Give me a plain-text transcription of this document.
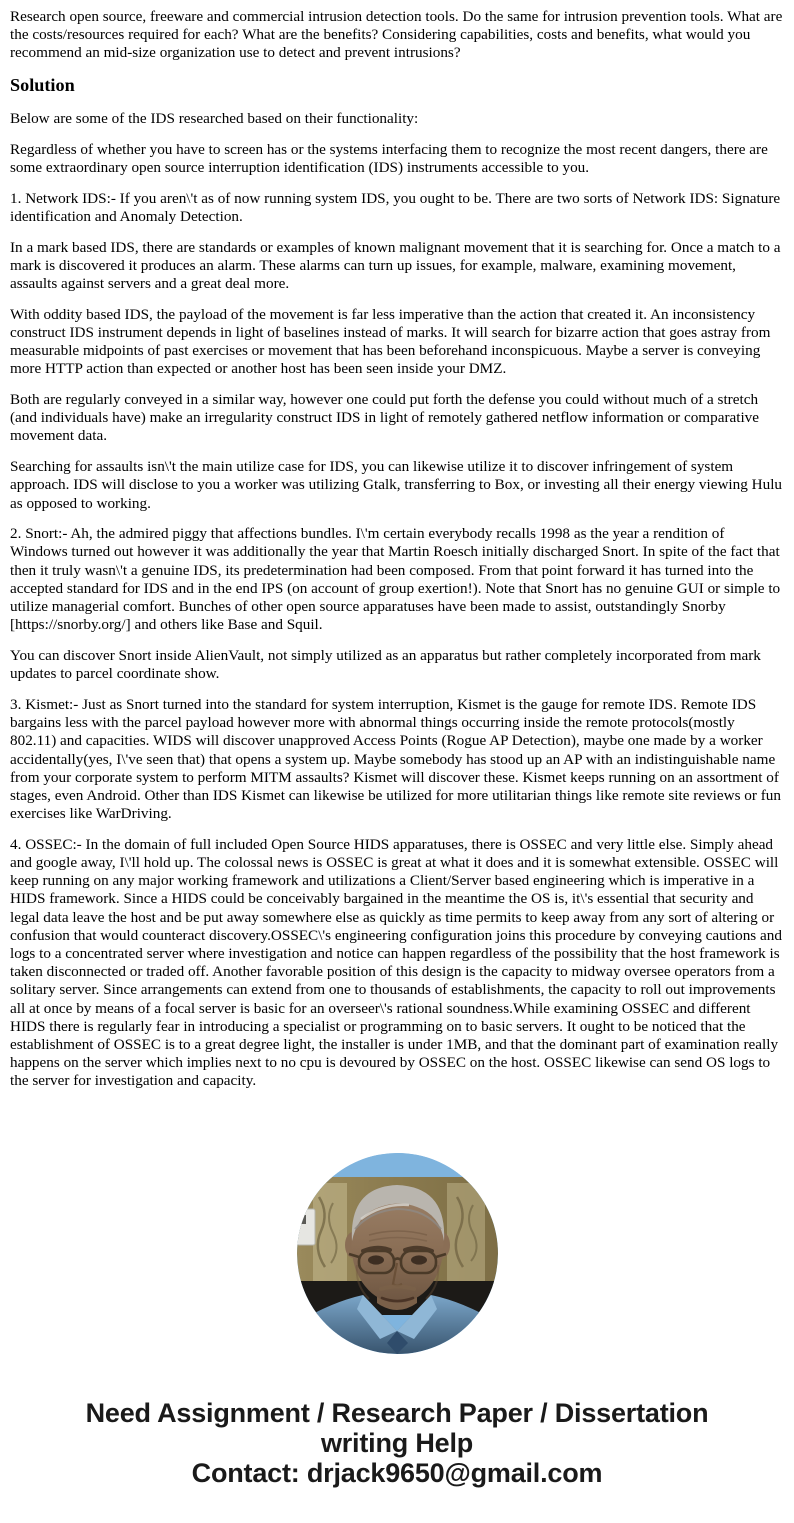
Research open source, freeware and commercial intrusion detection tools. Do the same for intrusion prevention tools. What are the costs/resources required for each? What are the benefits? Considering capabilities, costs and benefits, what would you recommend an mid-size organization use to detect and prevent intrusions?

Solution

Below are some of the IDS researched based on their functionality:

Regardless of whether you have to screen has or the systems interfacing them to recognize the most recent dangers, there are some extraordinary open source interruption identification (IDS) instruments accessible to you.

1. Network IDS:- If you aren\'t as of now running system IDS, you ought to be. There are two sorts of Network IDS: Signature identification and Anomaly Detection.

In a mark based IDS, there are standards or examples of known malignant movement that it is searching for. Once a match to a mark is discovered it produces an alarm. These alarms can turn up issues, for example, malware, examining movement, assaults against servers and a great deal more.

With oddity based IDS, the payload of the movement is far less imperative than the action that created it. An inconsistency construct IDS instrument depends in light of baselines instead of marks. It will search for bizarre action that goes astray from measurable midpoints of past exercises or movement that has been beforehand inconspicuous. Maybe a server is conveying more HTTP action than expected or another host has been seen inside your DMZ.

Both are regularly conveyed in a similar way, however one could put forth the defense you could without much of a stretch (and individuals have) make an irregularity construct IDS in light of remotely gathered netflow information or comparative movement data.

Searching for assaults isn\'t the main utilize case for IDS, you can likewise utilize it to discover infringement of system approach. IDS will disclose to you a worker was utilizing Gtalk, transferring to Box, or investing all their energy viewing Hulu as opposed to working.

2. Snort:- Ah, the admired piggy that affections bundles. I\'m certain everybody recalls 1998 as the year a rendition of Windows turned out however it was additionally the year that Martin Roesch initially discharged Snort. In spite of the fact that then it truly wasn\'t a genuine IDS, its predetermination had been composed. From that point forward it has turned into the accepted standard for IDS and in the end IPS (on account of group exertion!). Note that Snort has no genuine GUI or simple to utilize managerial comfort. Bunches of other open source apparatuses have been made to assist, outstandingly Snorby [https://snorby.org/] and others like Base and Squil.

You can discover Snort inside AlienVault, not simply utilized as an apparatus but rather completely incorporated from mark updates to parcel coordinate show.

3. Kismet:- Just as Snort turned into the standard for system interruption, Kismet is the gauge for remote IDS. Remote IDS bargains less with the parcel payload however more with abnormal things occurring inside the remote protocols(mostly 802.11) and capacities. WIDS will discover unapproved Access Points (Rogue AP Detection), maybe one made by a worker accidentally(yes, I\'ve seen that) that opens a system up. Maybe somebody has stood up an AP with an indistinguishable name from your corporate system to perform MITM assaults? Kismet will discover these. Kismet keeps running on an assortment of stages, even Android. Other than IDS Kismet can likewise be utilized for more utilitarian things like remote site reviews or fun exercises like WarDriving.

4. OSSEC:- In the domain of full included Open Source HIDS apparatuses, there is OSSEC and very little else. Simply ahead and google away, I\'ll hold up. The colossal news is OSSEC is great at what it does and it is somewhat extensible. OSSEC will keep running on any major working framework and utilizations a Client/Server based engineering which is imperative in a HIDS framework. Since a HIDS could be conceivably bargained in the meantime the OS is, it\'s essential that security and legal data leave the host and be put away somewhere else as quickly as time permits to keep away from any sort of altering or confusion that would counteract discovery.OSSEC\'s engineering configuration joins this procedure by conveying cautions and logs to a concentrated server where investigation and notice can happen regardless of the possibility that the host framework is taken disconnected or traded off. Another favorable position of this design is the capacity to midway oversee operators from a solitary server. Since arrangements can extend from one to thousands of establishments, the capacity to roll out improvements all at once by means of a focal server is basic for an overseer\'s rational soundness.While examining OSSEC and different HIDS there is regularly fear in introducing a specialist or programming on to basic servers. It ought to be noticed that the establishment of OSSEC is to a great degree light, the installer is under 1MB, and that the dominant part of examination really happens on the server which implies next to no cpu is devoured by OSSEC on the host. OSSEC likewise can send OS logs to the server for investigation and capacity.

Need Assignment / Research Paper / Dissertation
writing Help
Contact: drjack9650@gmail.com
